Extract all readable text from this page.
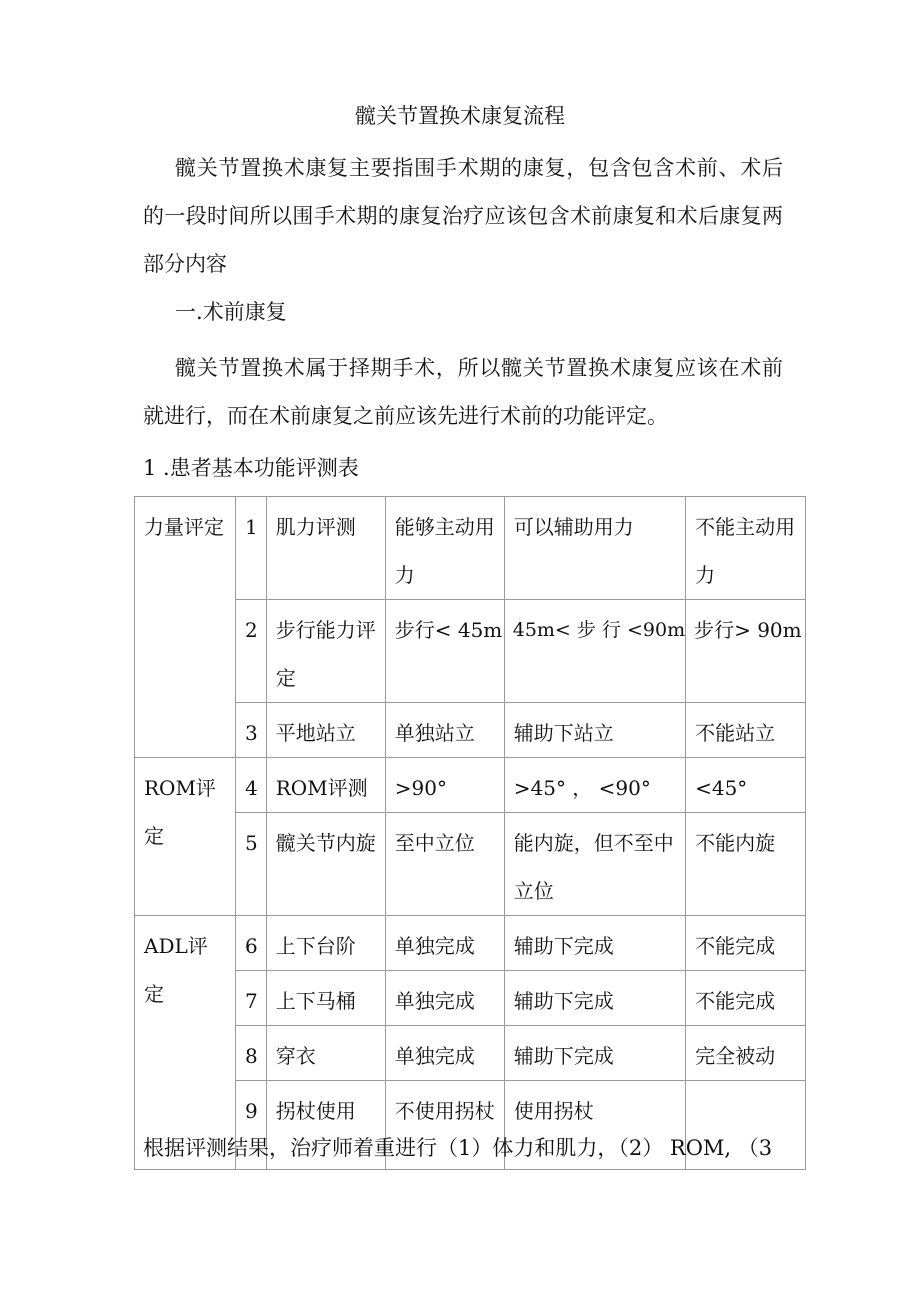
髋关节置换术康复流程

髋关节置换术康复主要指围手术期的康复，包含包含术前、术后的一段时间所以围手术期的康复治疗应该包含术前康复和术后康复两部分内容

一.术前康复

髋关节置换术属于择期手术，所以髋关节置换术康复应该在术前就进行，而在术前康复之前应该先进行术前的功能评定。

1 .患者基本功能评测表

力量评定	1	肌力评测	能够主动用力	可以辅助用力	不能主动用力
	2	步行能力评定	步行< 45m	45m< 步 行 <90m	步行> 90m
	3	平地站立	单独站立	辅助下站立	不能站立
ROM评定	4	ROM评测	>90°	>45° ， <90°	<45°
	5	髋关节内旋	至中立位	能内旋，但不至中立位	不能内旋
ADL评定	6	上下台阶	单独完成	辅助下完成	不能完成
	7	上下马桶	单独完成	辅助下完成	不能完成
	8	穿衣	单独完成	辅助下完成	完全被动
	9	拐杖使用	不使用拐杖	使用拐杖	

根据评测结果，治疗师着重进行（1）体力和肌力，（2） ROM, （3
